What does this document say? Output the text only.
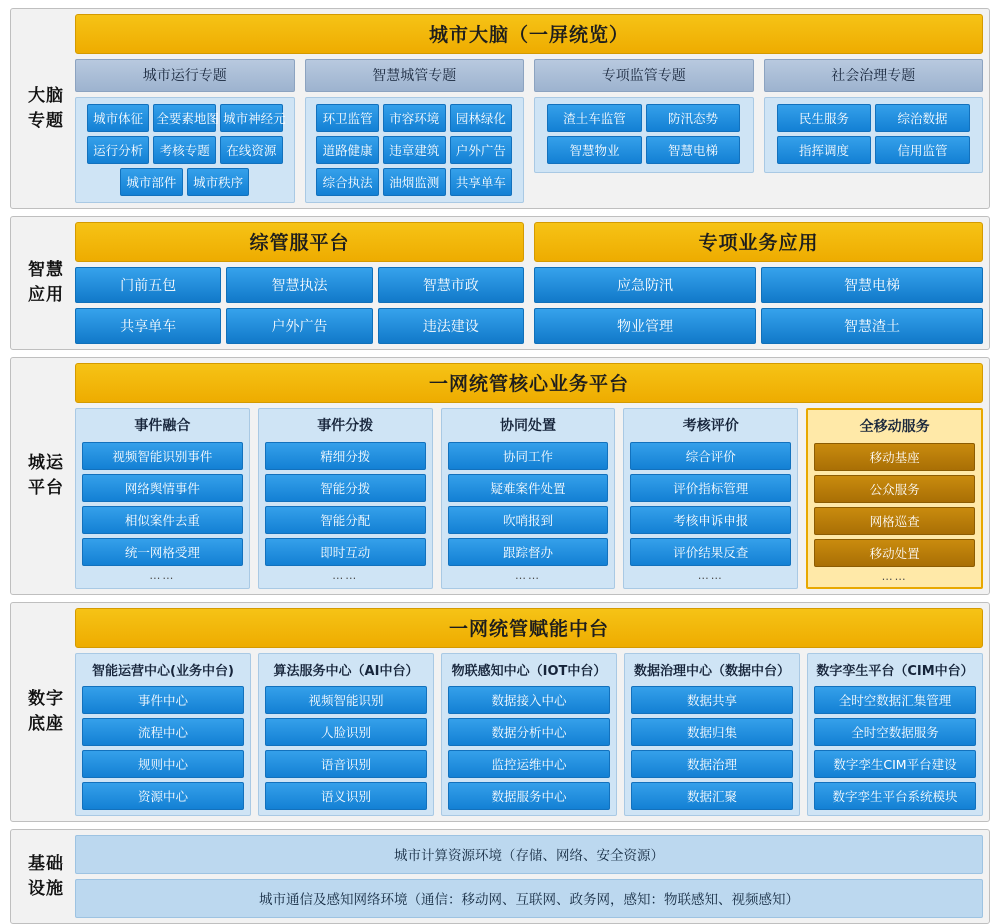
大脑
专题
城市大脑（一屏统览）
城市运行专题
城市体征	全要素地图 城市神经元
运行分析	考核专题	在线资源
城市部件	城市秩序
智慧城管专题
环卫监管	市容环境	园林绿化
道路健康	违章建筑	户外广告
综合执法	油烟监测	共享单车
专项监管专题
渣土车监管	防汛态势
智慧物业	智慧电梯
社会治理专题
民生服务	综治数据
指挥调度	信用监管
智慧
应用
综管服平台
门前五包	智慧执法	智慧市政
共享单车	户外广告	违法建设
专项业务应用
应急防汛	智慧电梯
物业管理	智慧渣土
城运
平台
一网统管核心业务平台
事件融合
视频智能识别事件
网络舆情事件
相似案件去重
统一网格受理
……
事件分拨
精细分拨
智能分拨
智能分配
即时互动
……
协同处置
协同工作
疑难案件处置
吹哨报到
跟踪督办
……
考核评价
综合评价
评价指标管理
考核申诉申报
评价结果反查
……
全移动服务
移动基座
公众服务
网格巡查
移动处置
……
数字
底座
一网统管赋能中台
智能运营中心(业务中台)
事件中心
流程中心
规则中心
资源中心
算法服务中心（AI中台）
视频智能识别
人脸识别
语音识别
语义识别
物联感知中心（IOT中台）
数据接入中心
数据分析中心
监控运维中心
数据服务中心
数据治理中心（数据中台）
数据共享
数据归集
数据治理
数据汇聚
数字孪生平台（CIM中台）
全时空数据汇集管理
全时空数据服务
数字孪生CIM平台建设
数字孪生平台系统模块
基础
设施
城市计算资源环境（存储、网络、安全资源）
城市通信及感知网络环境（通信：移动网、互联网、政务网，感知：物联感知、视频感知）
